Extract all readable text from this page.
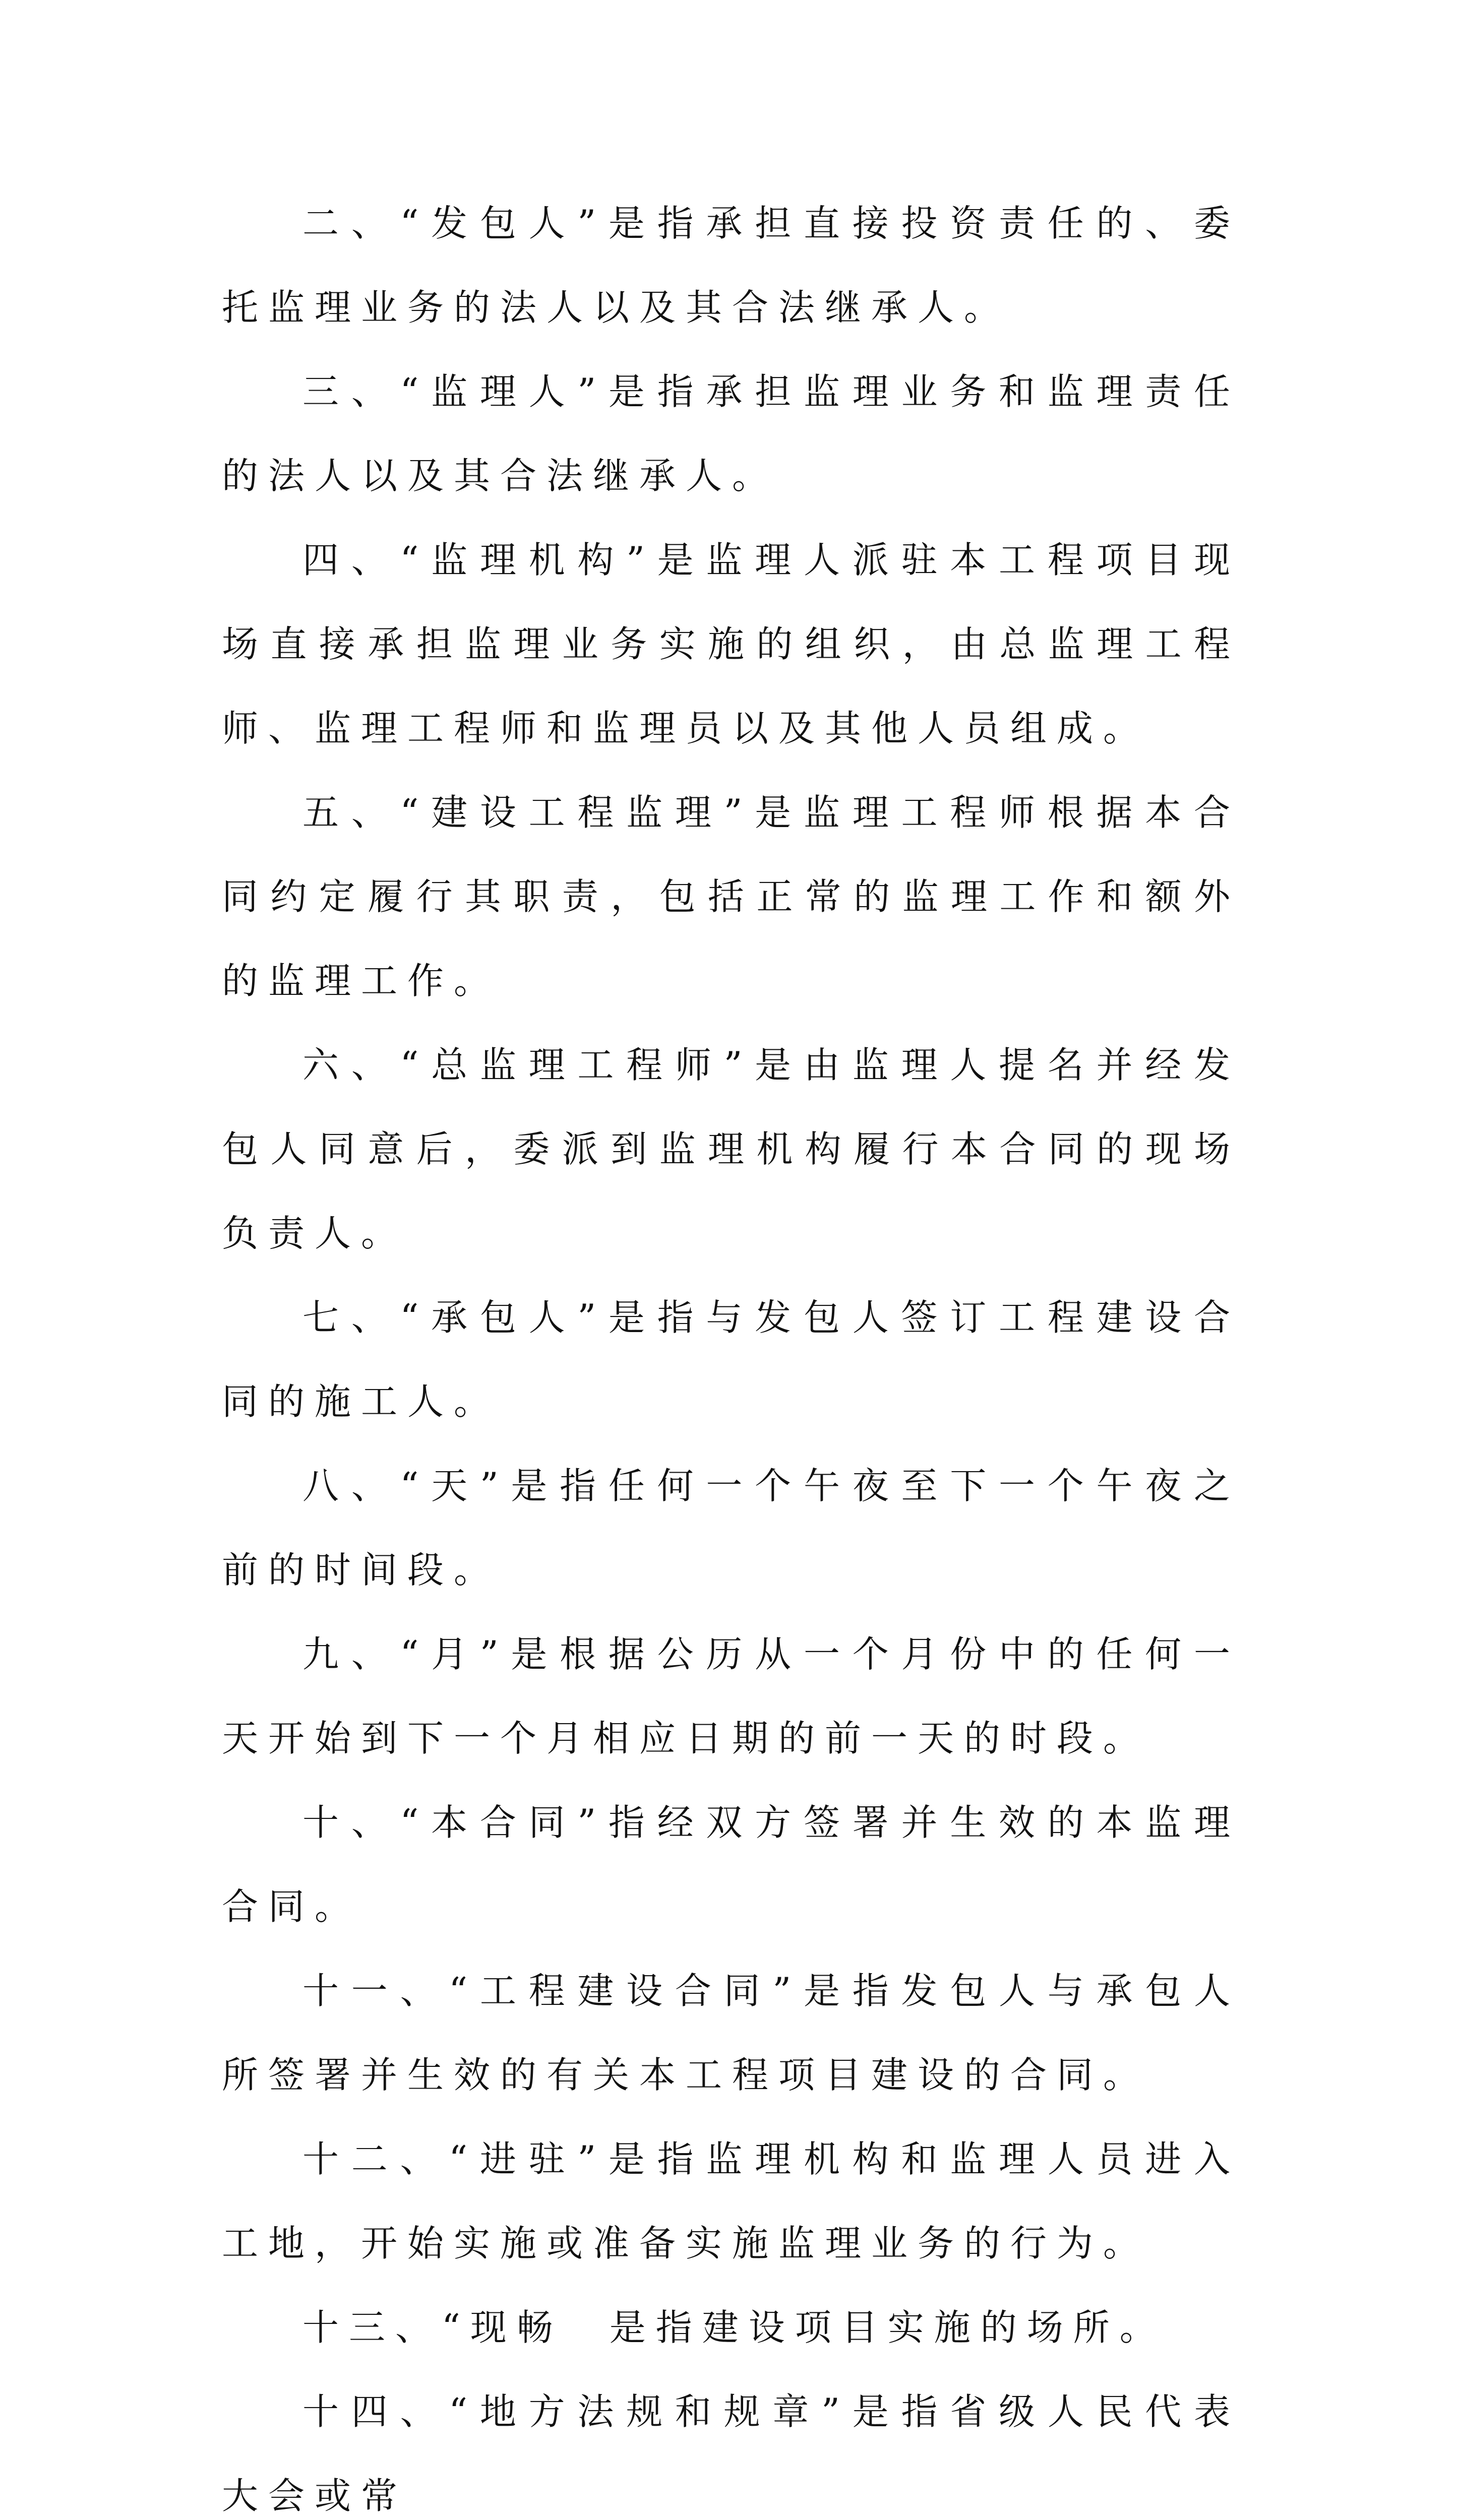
二、“发包人”是指承担直接投资责任的、委托监理业务的法人以及其合法继承人。

三、“监理人”是指承担监理业务和监理责任的法人以及其合法继承人。

四、“监理机构”是监理人派驻本工程项目现场直接承担监理业务实施的组织，由总监理工程师、监理工程师和监理员以及其他人员组成。

五、“建设工程监理”是监理工程师根据本合同约定履行其职责，包括正常的监理工作和额外的监理工作。

六、“总监理工程师”是由监理人提名并经发包人同意后，委派到监理机构履行本合同的现场负责人。

七、“承包人”是指与发包人签订工程建设合同的施工人。

八、“天”是指任何一个午夜至下一个午夜之前的时间段。

九、“月”是根据公历从一个月份中的任何一天开始到下一个月相应日期的前一天的时段。

十、“本合同”指经双方签署并生效的本监理合同。

十一、“工程建设合同”是指发包人与承包人所签署并生效的有关本工程项目建设的合同。

十二、“进驻”是指监理机构和监理人员进入工地，开始实施或准备实施监理业务的行为。

十三、“现畅　是指建设项目实施的场所。

十四、“地方法规和规章”是指省级人民代表大会或常
